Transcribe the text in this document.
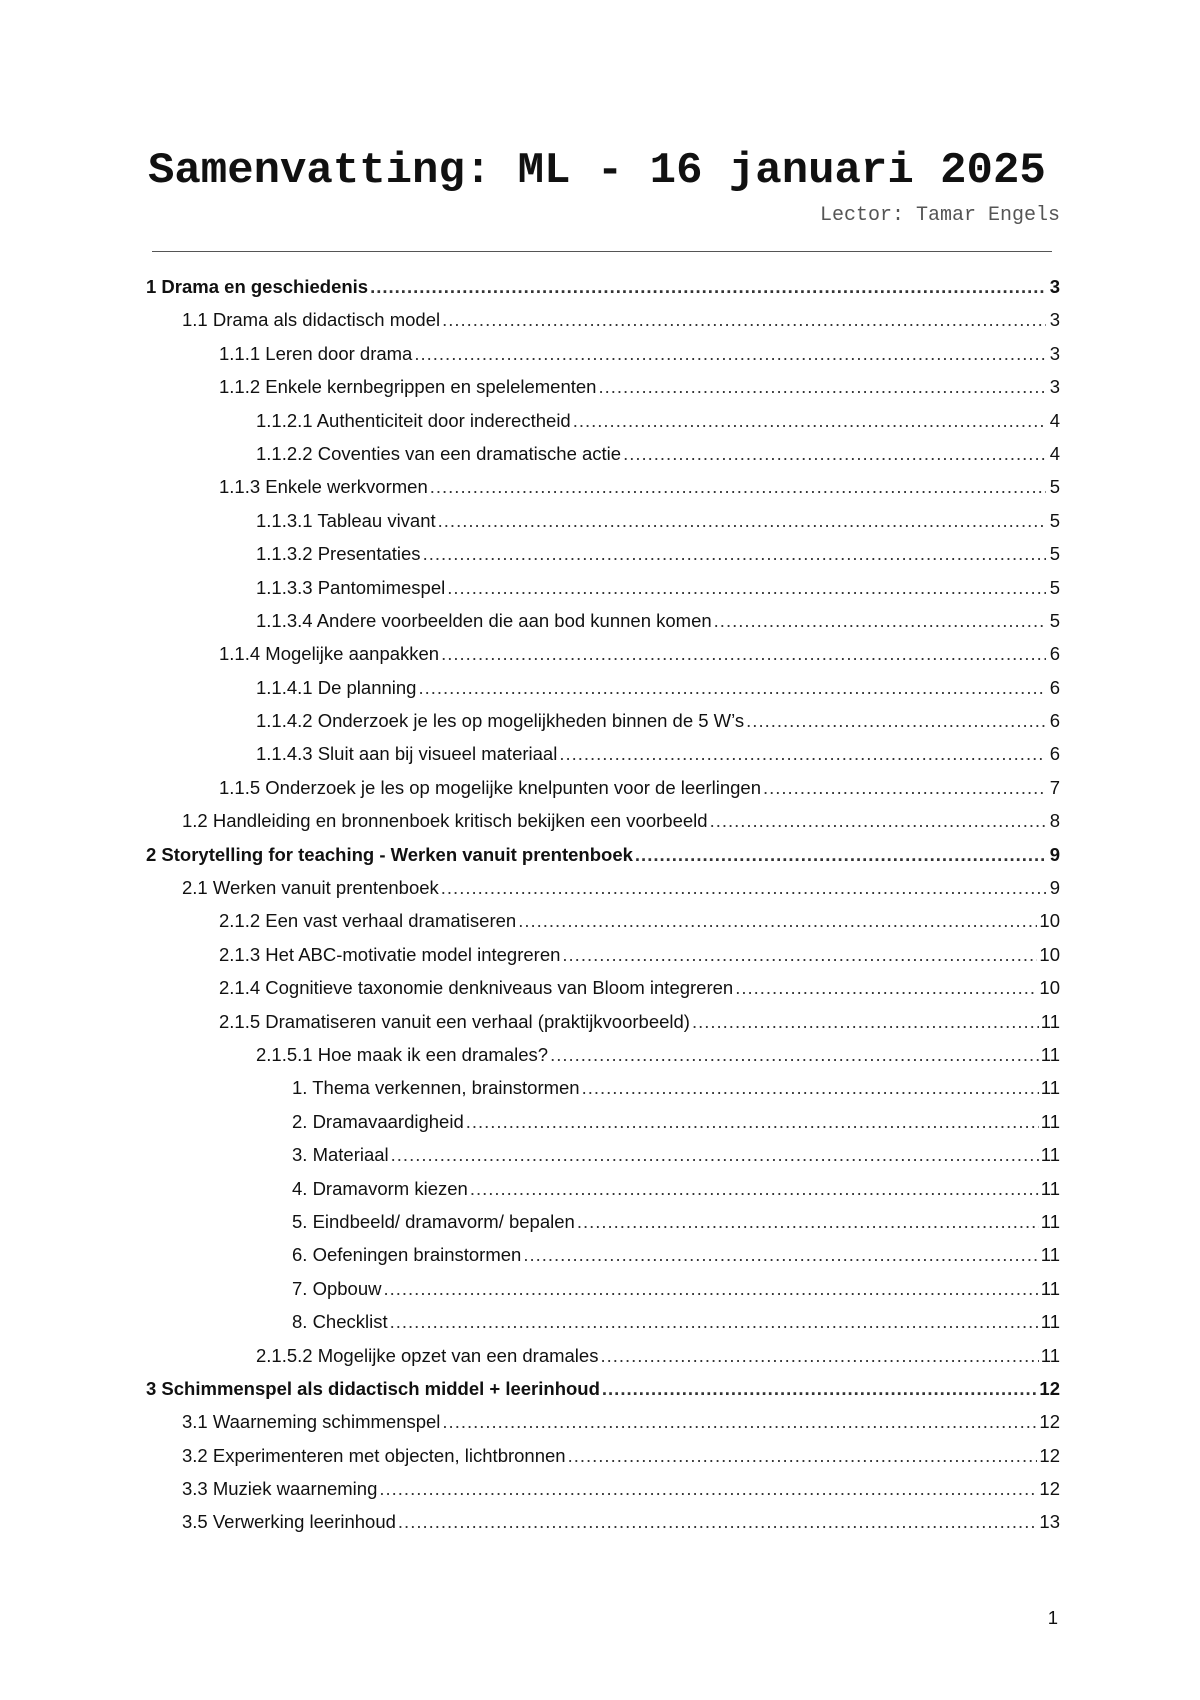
Samenvatting: ML - 16 januari 2025
Lector: Tamar Engels
1 Drama en geschiedenis .....	3
1.1 Drama als didactisch model .....	3
1.1.1 Leren door drama .....	3
1.1.2 Enkele kernbegrippen en spelelementen .....	3
1.1.2.1 Authenticiteit door inderectheid .....	4
1.1.2.2 Coventies van een dramatische actie .....	4
1.1.3 Enkele werkvormen .....	5
1.1.3.1 Tableau vivant .....	5
1.1.3.2 Presentaties .....	5
1.1.3.3 Pantomimespel .....	5
1.1.3.4 Andere voorbeelden die aan bod kunnen komen .....	5
1.1.4 Mogelijke aanpakken .....	6
1.1.4.1 De planning .....	6
1.1.4.2 Onderzoek je les op mogelijkheden binnen de 5 W’s .....	6
1.1.4.3 Sluit aan bij visueel materiaal .....	6
1.1.5 Onderzoek je les op mogelijke knelpunten voor de leerlingen .....	7
1.2 Handleiding en bronnenboek kritisch bekijken een voorbeeld .....	8
2 Storytelling for teaching - Werken vanuit prentenboek .....	9
2.1 Werken vanuit prentenboek .....	9
2.1.2 Een vast verhaal dramatiseren .....	10
2.1.3 Het ABC-motivatie model integreren .....	10
2.1.4 Cognitieve taxonomie denkniveaus van Bloom integreren .....	10
2.1.5 Dramatiseren vanuit een verhaal (praktijkvoorbeeld) .....	11
2.1.5.1 Hoe maak ik een dramales? .....	11
1. Thema verkennen, brainstormen .....	11
2. Dramavaardigheid .....	11
3. Materiaal .....	11
4. Dramavorm kiezen .....	11
5. Eindbeeld/ dramavorm/ bepalen .....	11
6. Oefeningen brainstormen .....	11
7. Opbouw .....	11
8. Checklist .....	11
2.1.5.2 Mogelijke opzet van een dramales .....	11
3 Schimmenspel als didactisch middel + leerinhoud .....	12
3.1 Waarneming schimmenspel .....	12
3.2 Experimenteren met objecten, lichtbronnen .....	12
3.3 Muziek waarneming .....	12
3.5 Verwerking leerinhoud .....	13
1
